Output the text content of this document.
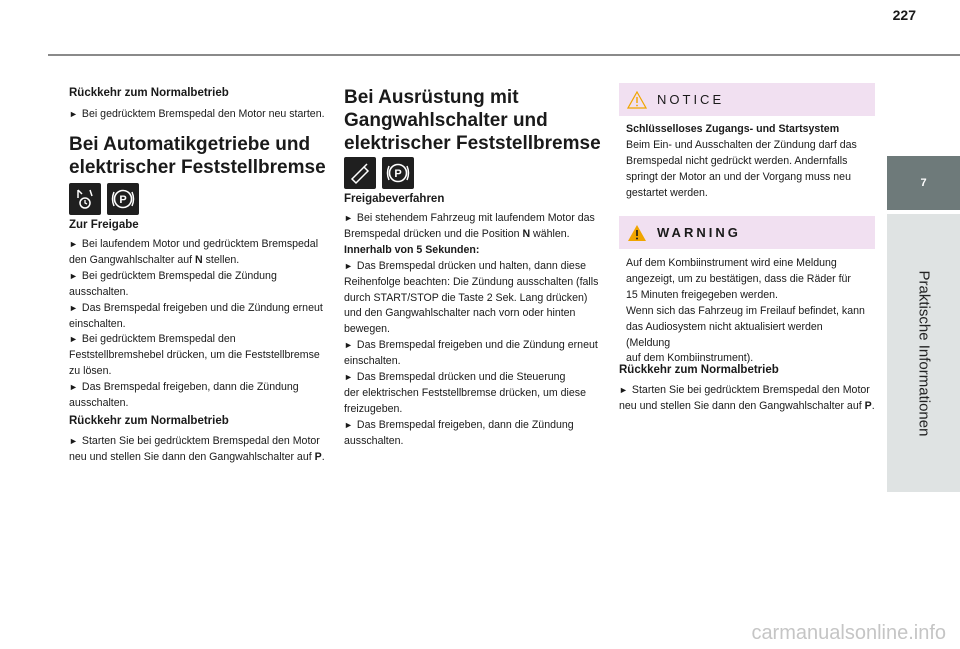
227
7
Praktische Informationen
Rückkehr zum Normalbetrieb
► Bei gedrücktem Bremspedal den Motor neu starten.
Bei Automatikgetriebe und
elektrischer Feststellbremse
P
Zur Freigabe
► Bei laufendem Motor und gedrücktem Bremspedal
den Gangwahlschalter auf N stellen.
► Bei gedrücktem Bremspedal die Zündung
ausschalten.
► Das Bremspedal freigeben und die Zündung erneut
einschalten.
► Bei gedrücktem Bremspedal den
Feststellbremshebel drücken, um die Feststellbremse
zu lösen.
► Das Bremspedal freigeben, dann die Zündung
ausschalten.
Rückkehr zum Normalbetrieb
► Starten Sie bei gedrücktem Bremspedal den Motor
neu und stellen Sie dann den Gangwahlschalter auf P.
Bei Ausrüstung mit
Gangwahlschalter und
elektrischer Feststellbremse
P
Freigabeverfahren
► Bei stehendem Fahrzeug mit laufendem Motor das
Bremspedal drücken und die Position N wählen.
Innerhalb von 5 Sekunden:
► Das Bremspedal drücken und halten, dann diese
Reihenfolge beachten: Die Zündung ausschalten (falls
durch START/STOP die Taste 2 Sek. Lang drücken)
und den Gangwahlschalter nach vorn oder hinten
bewegen.
► Das Bremspedal freigeben und die Zündung erneut
einschalten.
► Das Bremspedal drücken und die Steuerung
der elektrischen Feststellbremse drücken, um diese
freizugeben.
► Das Bremspedal freigeben, dann die Zündung
ausschalten.
NOTICE
Schlüsselloses Zugangs- und Startsystem
Beim Ein- und Ausschalten der Zündung darf das
Bremspedal nicht gedrückt werden. Andernfalls
springt der Motor an und der Vorgang muss neu
gestartet werden.
WARNING
Auf dem Kombiinstrument wird eine Meldung
angezeigt, um zu bestätigen, dass die Räder für
15 Minuten freigegeben werden.
Wenn sich das Fahrzeug im Freilauf befindet, kann
das Audiosystem nicht aktualisiert werden (Meldung
auf dem Kombiinstrument).
Rückkehr zum Normalbetrieb
► Starten Sie bei gedrücktem Bremspedal den Motor
neu und stellen Sie dann den Gangwahlschalter auf P.
carmanualsonline.info
